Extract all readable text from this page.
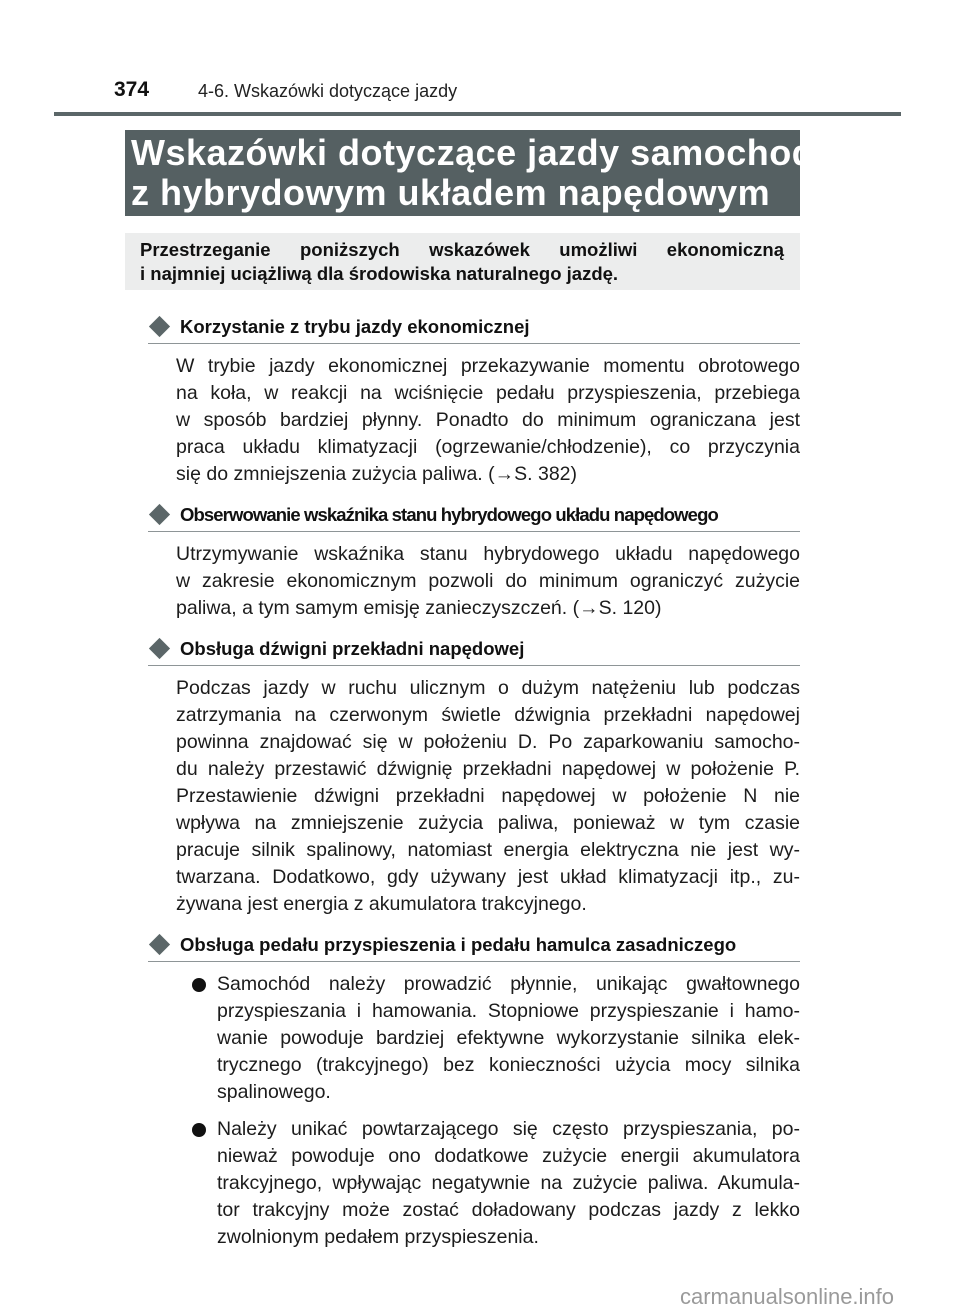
374	4-6. Wskazówki dotyczące jazdy
Wskazówki dotyczące jazdy samochodem
z hybrydowym układem napędowym
Przestrzeganie poniższych wskazówek umożliwi ekonomiczną
i najmniej uciążliwą dla środowiska naturalnego jazdę.
Korzystanie z trybu jazdy ekonomicznej
W trybie jazdy ekonomicznej przekazywanie momentu obrotowego
na koła, w reakcji na wciśnięcie pedału przyspieszenia, przebiega
w sposób bardziej płynny. Ponadto do minimum ograniczana jest
praca układu klimatyzacji (ogrzewanie/chłodzenie), co przyczynia
się do zmniejszenia zużycia paliwa. (→S. 382)
Obserwowanie wskaźnika stanu hybrydowego układu napędowego
Utrzymywanie wskaźnika stanu hybrydowego układu napędowego
w zakresie ekonomicznym pozwoli do minimum ograniczyć zużycie
paliwa, a tym samym emisję zanieczyszczeń. (→S. 120)
Obsługa dźwigni przekładni napędowej
Podczas jazdy w ruchu ulicznym o dużym natężeniu lub podczas
zatrzymania na czerwonym świetle dźwignia przekładni napędowej
powinna znajdować się w położeniu D. Po zaparkowaniu samocho-
du należy przestawić dźwignię przekładni napędowej w położenie P.
Przestawienie dźwigni przekładni napędowej w położenie N nie
wpływa na zmniejszenie zużycia paliwa, ponieważ w tym czasie
pracuje silnik spalinowy, natomiast energia elektryczna nie jest wy-
twarzana. Dodatkowo, gdy używany jest układ klimatyzacji itp., zu-
żywana jest energia z akumulatora trakcyjnego.
Obsługa pedału przyspieszenia i pedału hamulca zasadniczego
Samochód należy prowadzić płynnie, unikając gwałtownego
przyspieszania i hamowania. Stopniowe przyspieszanie i hamo-
wanie powoduje bardziej efektywne wykorzystanie silnika elek-
trycznego (trakcyjnego) bez konieczności użycia mocy silnika
spalinowego.
Należy unikać powtarzającego się często przyspieszania, po-
nieważ powoduje ono dodatkowe zużycie energii akumulatora
trakcyjnego, wpływając negatywnie na zużycie paliwa. Akumula-
tor trakcyjny może zostać doładowany podczas jazdy z lekko
zwolnionym pedałem przyspieszenia.
carmanualsonline.info
